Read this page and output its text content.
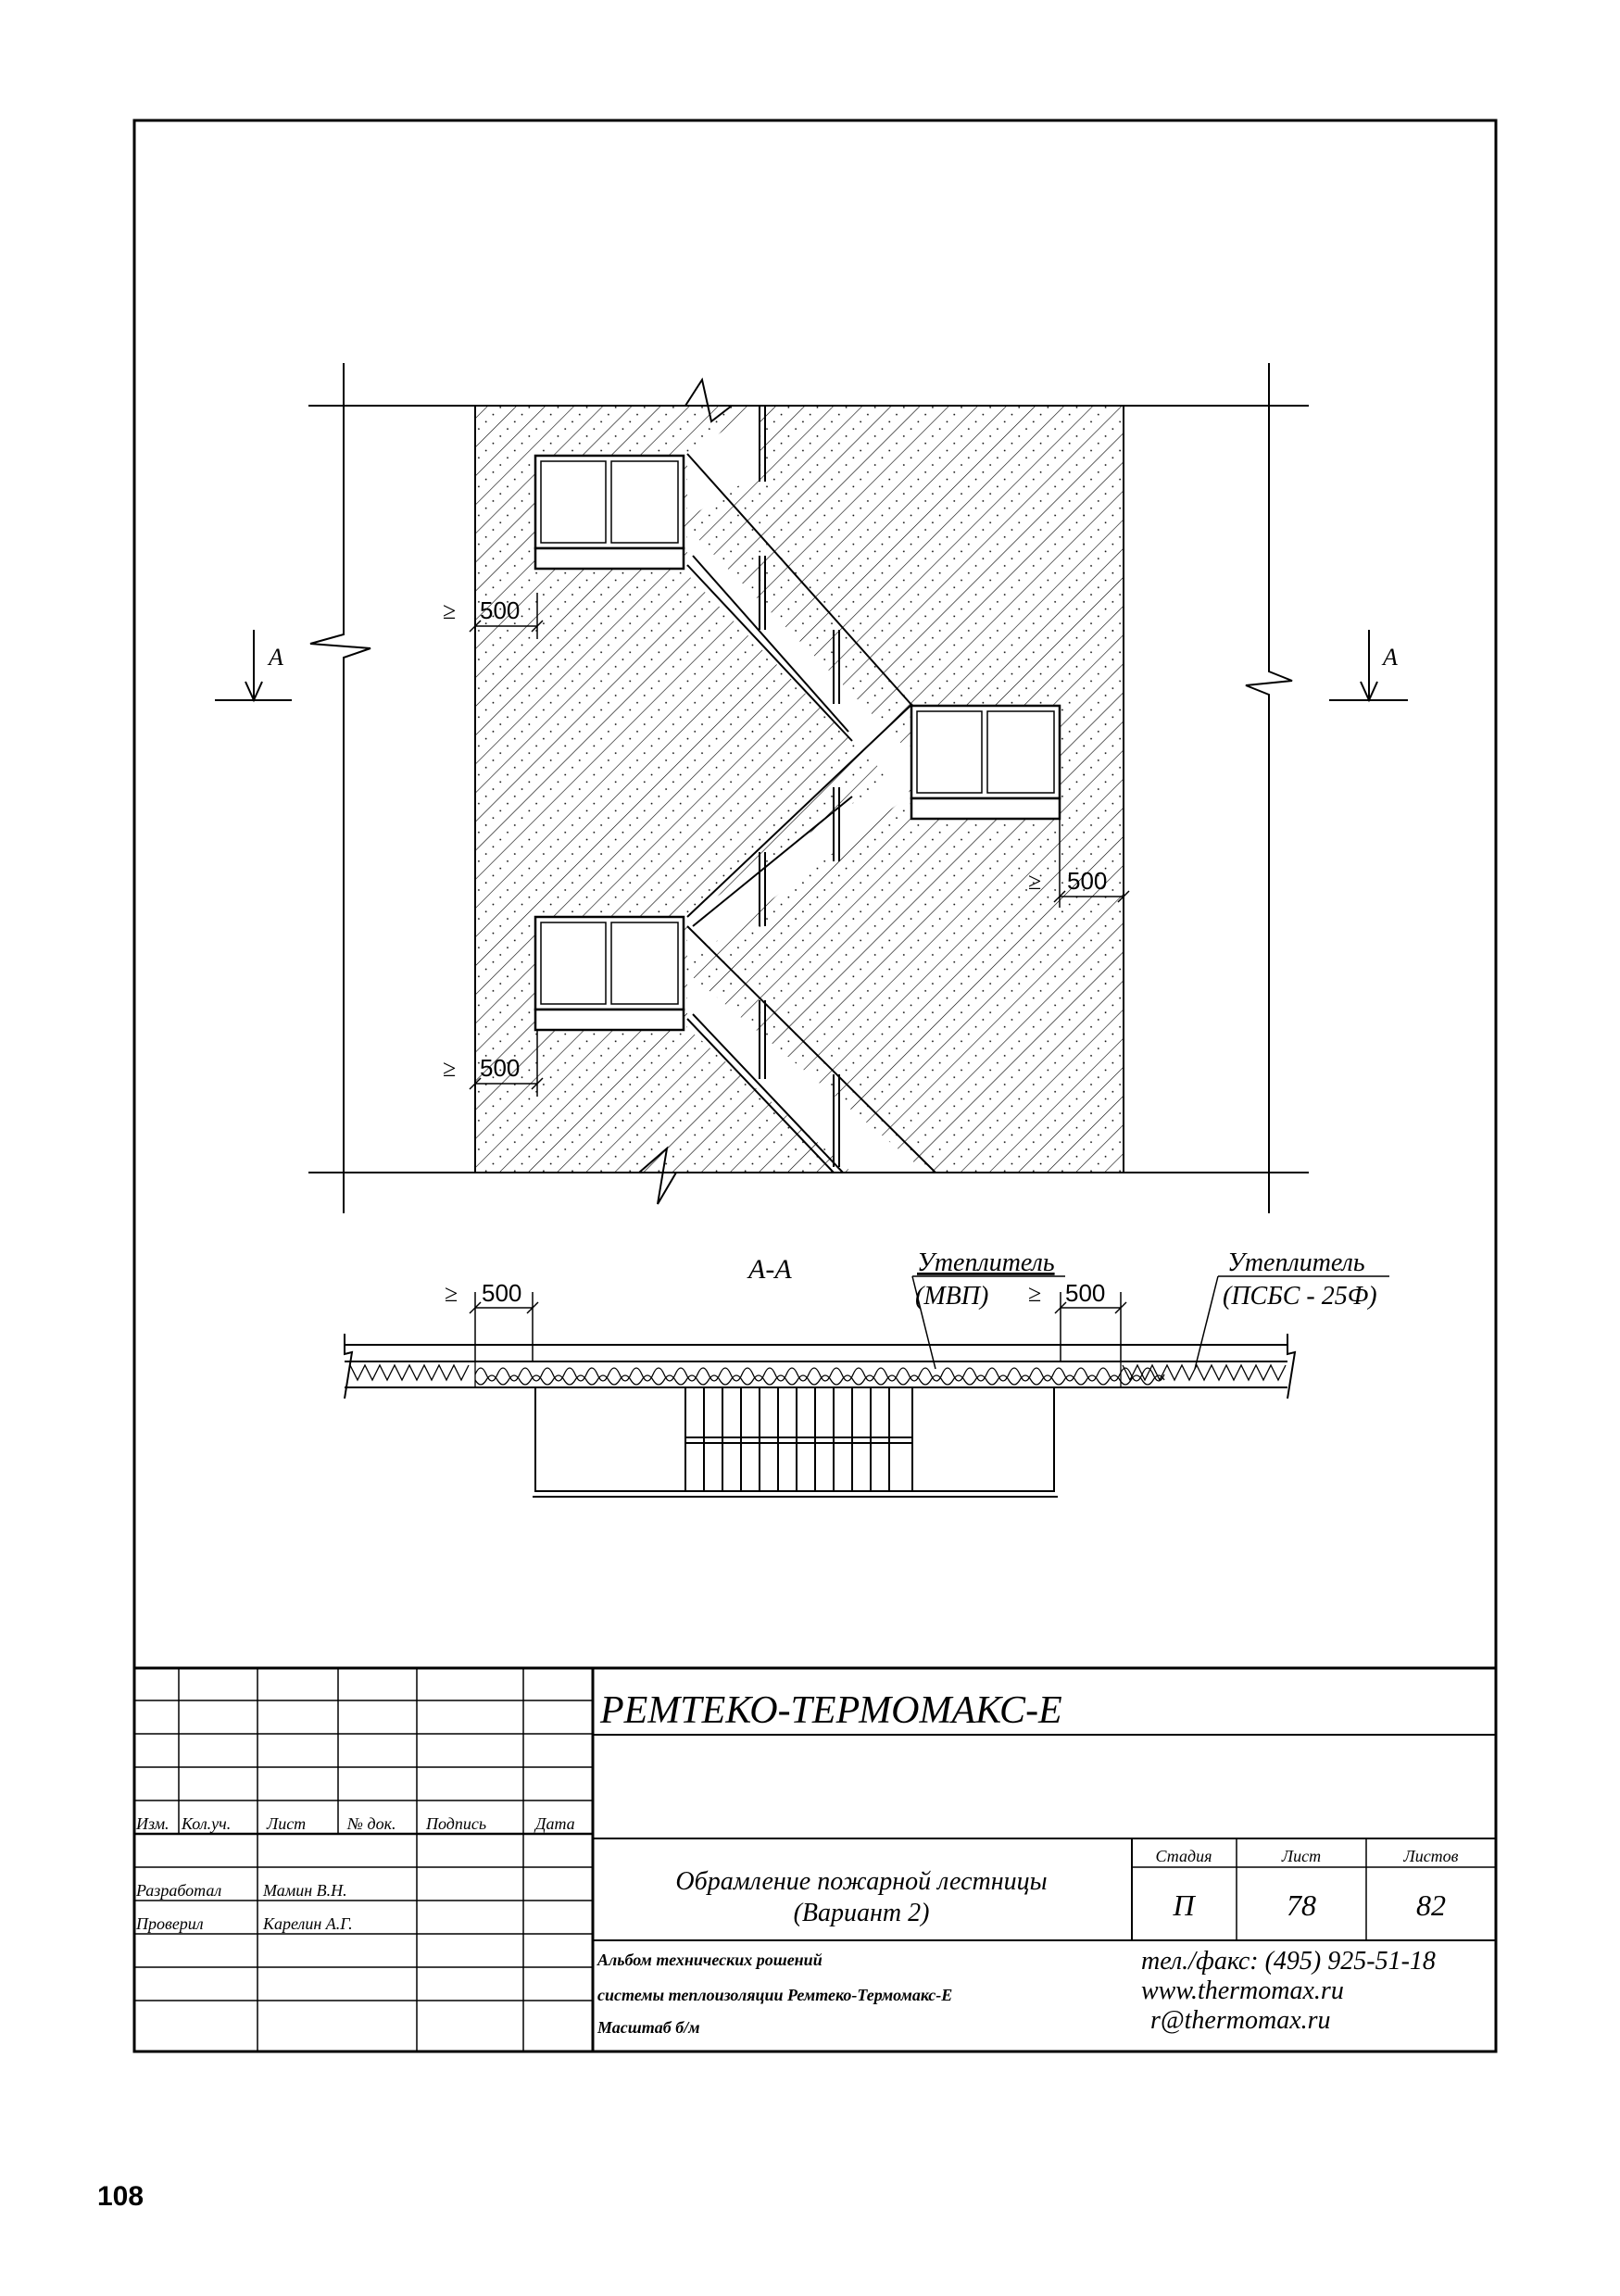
≥ 500
≥ 500
≥ 500
A	A
A-A	Утеплитель
(МВП)
Утеплитель
(ПСБС - 25Ф)
≥ 500	≥ 500
РЕМТЕКО-ТЕРМОМАКС-Е
Изм. Кол.уч. Лист № док. Подпись	Дата
Разработал Мамин В.Н.
Проверил	Карелин А.Г.
Обрамление пожарной лестницы
(Вариант 2)
Стадия	Лист	Листов
П	78	82
Альбом технических рошений
системы теплоизоляции Ремтеко-Термомакс-Е
Масштаб б/м
тел./факс: (495) 925-51-18
www.thermomax.ru
r@thermomax.ru
108
